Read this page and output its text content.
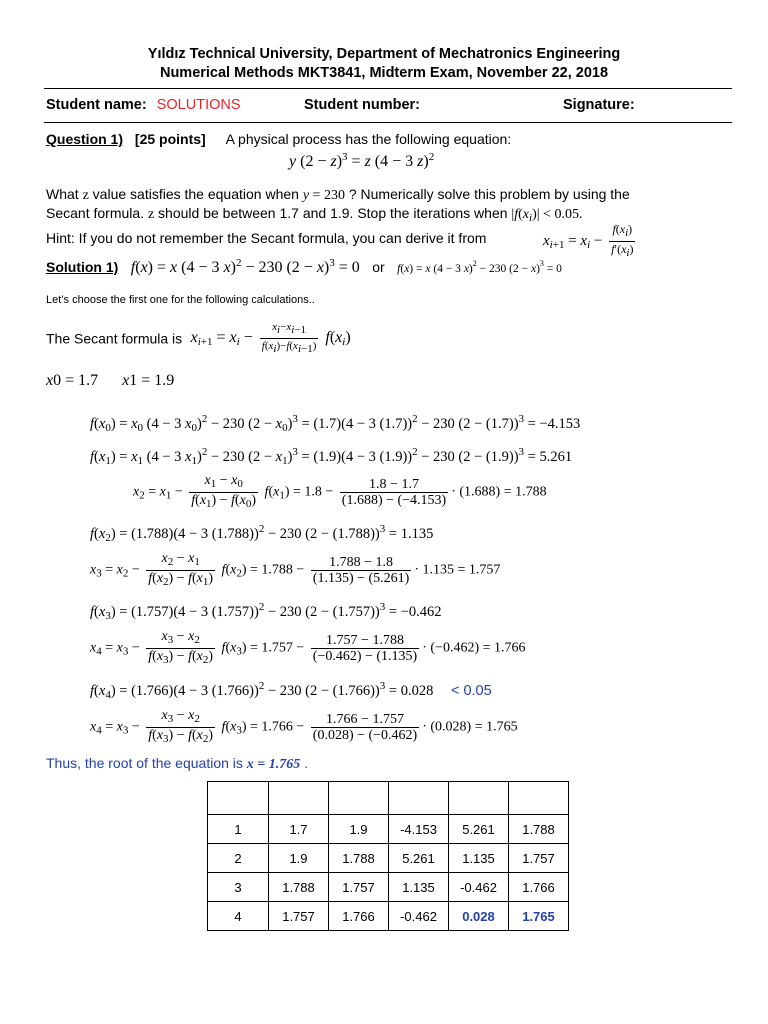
Yıldız Technical University, Department of Mechatronics Engineering
Numerical Methods MKT3841, Midterm Exam, November 22, 2018
Student name: SOLUTIONS	Student number:	Signature:
Question 1) [25 points] A physical process has the following equation:
y $(2 - z)^3 = z$ (4 − 3 z)$^2$
What z value satisfies the equation when y = 230 ? Numerically solve this problem by using the
Secant formula. z should be between 1.7 and 1.9. Stop the iterations when $|f(x_i)| < 0.05$.
Hint: If you do not remember the Secant formula, you can derive it from	$x_{i+1} = x_i - \frac{f(xi)}{f'(xi)}$
Solution 1) f(x) = x (4 − 3 x)$^2$ − 230 $(2 - x)^3 = 0$ or f(x) = x (4 − 3 x)$^2$ − 230 $(2 - x)^3 = 0$
Let’s choose the first one for the following calculations..
The Secant formula is $x_{i+1} = x_i - \frac{xi-xi-1}{f(xi)-f(xi-1)} f(x_i)$
x0 = 1.7      x1 = 1.9
$f(x_0) = x_0$ (4 − 3 $x_0)^2 - 230$ $(2 - x_0)^3 = (1.7)(4 - 3$ (1.7))$^2$ − 230 $(2 - (1.7))^3 = -4.153$
$f(x_1) = x_1$ (4 − 3 $x_1)^2 - 230$ $(2 - x_1)^3 = (1.9)(4 - 3$ (1.9))$^2$ − 230 $(2 - (1.9))^3 = 5.261$
$x_2 = x_1 - \frac{x_1 - x_0}{f(x_1) - f(x_0)} f(x_1) = 1.8 - \frac{1.8 - 1.7}{(1.688) - (-4.153)} \cdot (1.688) = 1.788$
$f(x_2) = (1.788)(4 - 3$ (1.788))$^2$ − 230 $(2 - (1.788))^3 = 1.135$
$x_3 = x_2 - \frac{x_2 - x_1}{f(x_2) - f(x_1)} f(x_2) = 1.788 - \frac{1.788 - 1.8}{(1.135) - (5.261)} \cdot 1.135 = 1.757$
$f(x_3) = (1.757)(4 - 3$ (1.757))$^2$ − 230 $(2 - (1.757))^3 = -0.462$
$x_4 = x_3 - \frac{x_3 - x_2}{f(x_3) - f(x_2)} f(x_3) = 1.757 - \frac{1.757 - 1.788}{(-0.462) - (1.135)} \cdot (-0.462) = 1.766$
$f(x_4) = (1.766)(4 - 3$ (1.766))$^2$ − 230 $(2 - (1.766))^3 = 0.028 < 0.05$
$x_4 = x_3 - \frac{x_3 - x_2}{f(x_3) - f(x_2)} f(x_3) = 1.766 - \frac{1.766 - 1.757}{(0.028) - (-0.462)} \cdot (0.028) = 1.765$
Thus, the root of the equation is x = 1.765 .

1	1.7	1.9	-4.153	5.261	1.788
2	1.9	1.788	5.261	1.135	1.757
3	1.788	1.757	1.135	-0.462	1.766
4	1.757	1.766	-0.462	0.028	1.765
